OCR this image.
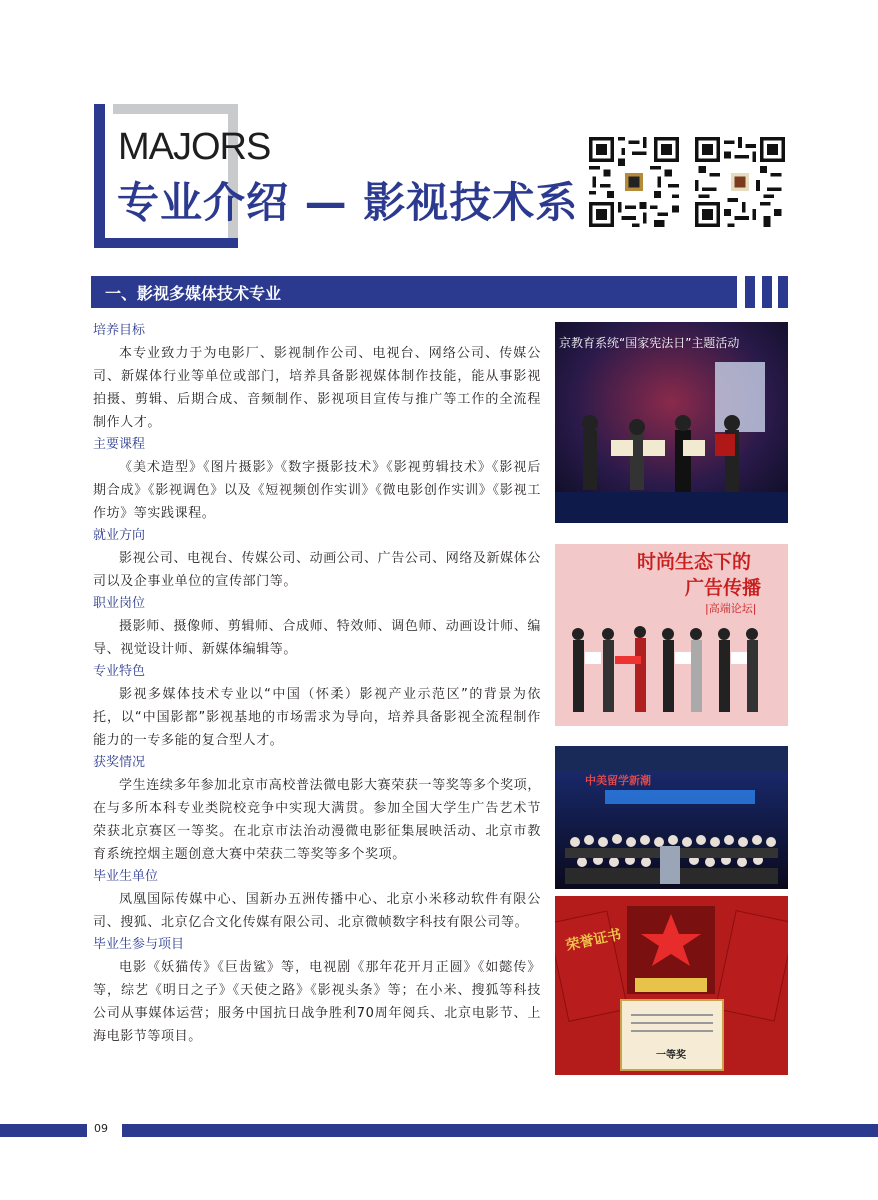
MAJORS
专业介绍 — 影视技术系
一、影视多媒体技术专业
培养目标
本专业致力于为电影厂、影视制作公司、电视台、网络公司、传媒公司、新媒体行业等单位或部门，培养具备影视媒体制作技能，能从事影视拍摄、剪辑、后期合成、音频制作、影视项目宣传与推广等工作的全流程制作人才。
主要课程
《美术造型》《图片摄影》《数字摄影技术》《影视剪辑技术》《影视后期合成》《影视调色》以及《短视频创作实训》《微电影创作实训》《影视工作坊》等实践课程。
就业方向
影视公司、电视台、传媒公司、动画公司、广告公司、网络及新媒体公司以及企事业单位的宣传部门等。
职业岗位
摄影师、摄像师、剪辑师、合成师、特效师、调色师、动画设计师、编导、视觉设计师、新媒体编辑等。
专业特色
影视多媒体技术专业以“中国（怀柔）影视产业示范区”的背景为依托，以“中国影都”影视基地的市场需求为导向，培养具备影视全流程制作能力的一专多能的复合型人才。
获奖情况
学生连续多年参加北京市高校普法微电影大赛荣获一等奖等多个奖项，在与多所本科专业类院校竞争中实现大满贯。参加全国大学生广告艺术节荣获北京赛区一等奖。在北京市法治动漫微电影征集展映活动、北京市教育系统控烟主题创意大赛中荣获二等奖等多个奖项。
毕业生单位
凤凰国际传媒中心、国新办五洲传播中心、北京小米移动软件有限公司、搜狐、北京亿合文化传媒有限公司、北京微帧数字科技有限公司等。
毕业生参与项目
电影《妖猫传》《巨齿鲨》等，电视剧《那年花开月正圆》《如懿传》等，综艺《明日之子》《天使之路》《影视头条》等；在小米、搜狐等科技公司从事媒体运营；服务中国抗日战争胜利70周年阅兵、北京电影节、上海电影节等项目。
京教育系统“国家宪法日”主题活动
时尚生态下的
广告传播
|高端论坛|
中美留学新潮
荣誉证书
一等奖
09
